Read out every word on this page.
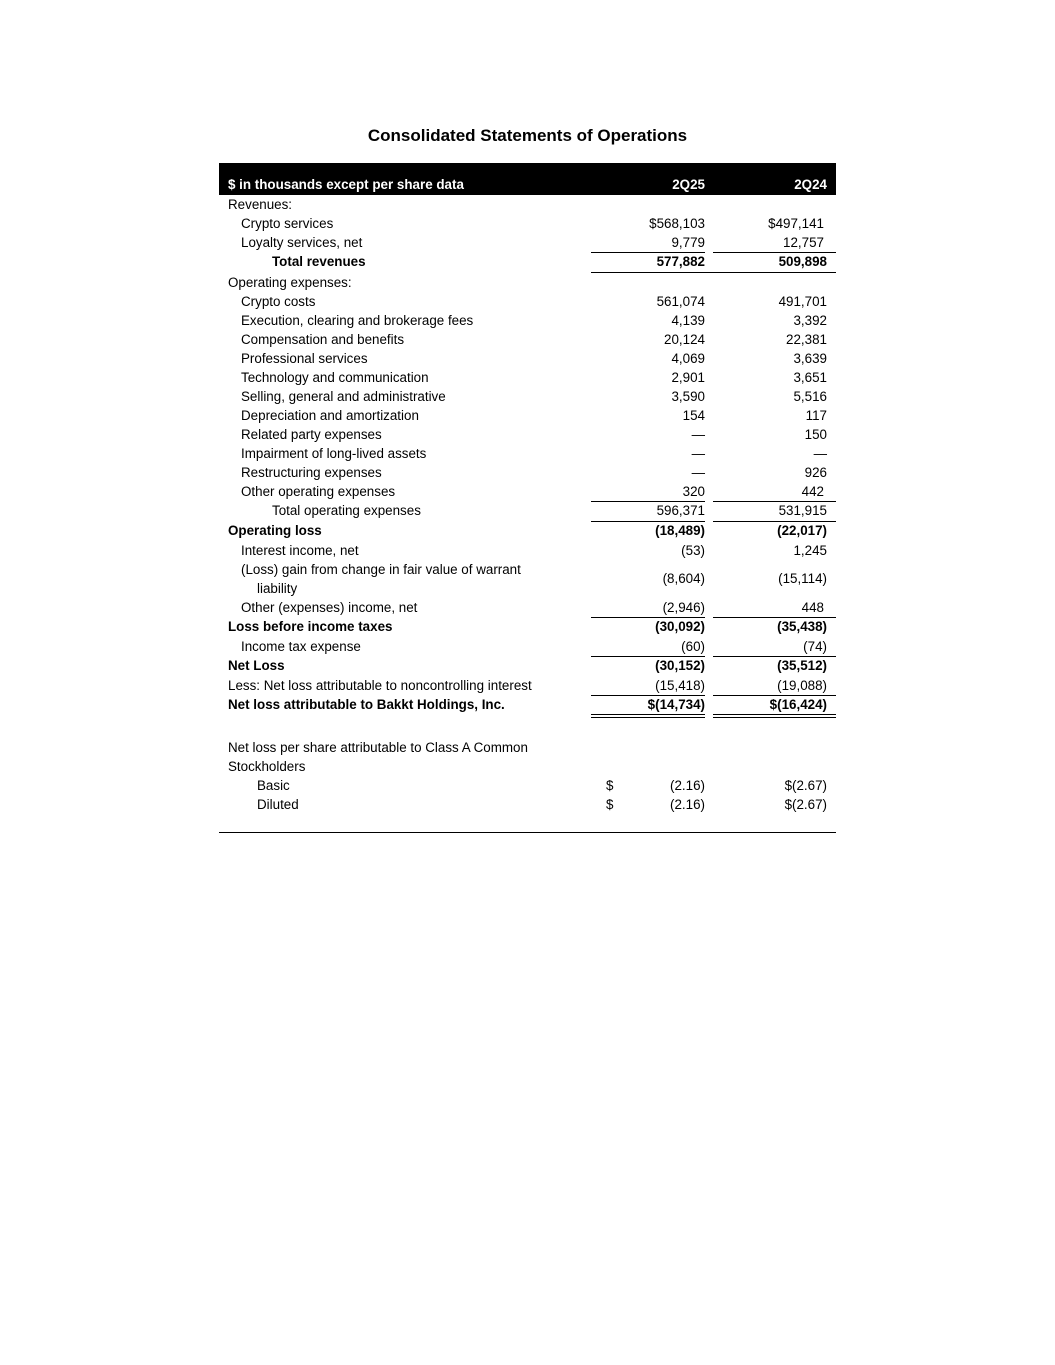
Consolidated Statements of Operations
$ in thousands except per share data	2Q25	2Q24
Revenues:
Crypto services	$568,103	$497,141
Loyalty services, net	9,779	12,757
Total revenues	577,882	509,898
Operating expenses:
Crypto costs	561,074	491,701
Execution, clearing and brokerage fees	4,139	3,392
Compensation and benefits	20,124	22,381
Professional services	4,069	3,639
Technology and communication	2,901	3,651
Selling, general and administrative	3,590	5,516
Depreciation and amortization	154	117
Related party expenses	—	150
Impairment of long-lived assets	—	—
Restructuring expenses	—	926
Other operating expenses	320	442
Total operating expenses	596,371	531,915
Operating loss	(18,489)	(22,017)
Interest income, net	(53)	1,245
(Loss) gain from change in fair value of warrant
liability
(8,604)	(15,114)
Other (expenses) income, net	(2,946)	448
Loss before income taxes	(30,092)	(35,438)
Income tax expense	(60)	(74)
Net Loss	(30,152)	(35,512)
Less: Net loss attributable to noncontrolling interest	(15,418)	(19,088)
Net loss attributable to Bakkt Holdings, Inc.	$(14,734)	$(16,424)
Net loss per share attributable to Class A Common
Stockholders
Basic	$	(2.16)	$(2.67)
Diluted	$	(2.16)	$(2.67)
